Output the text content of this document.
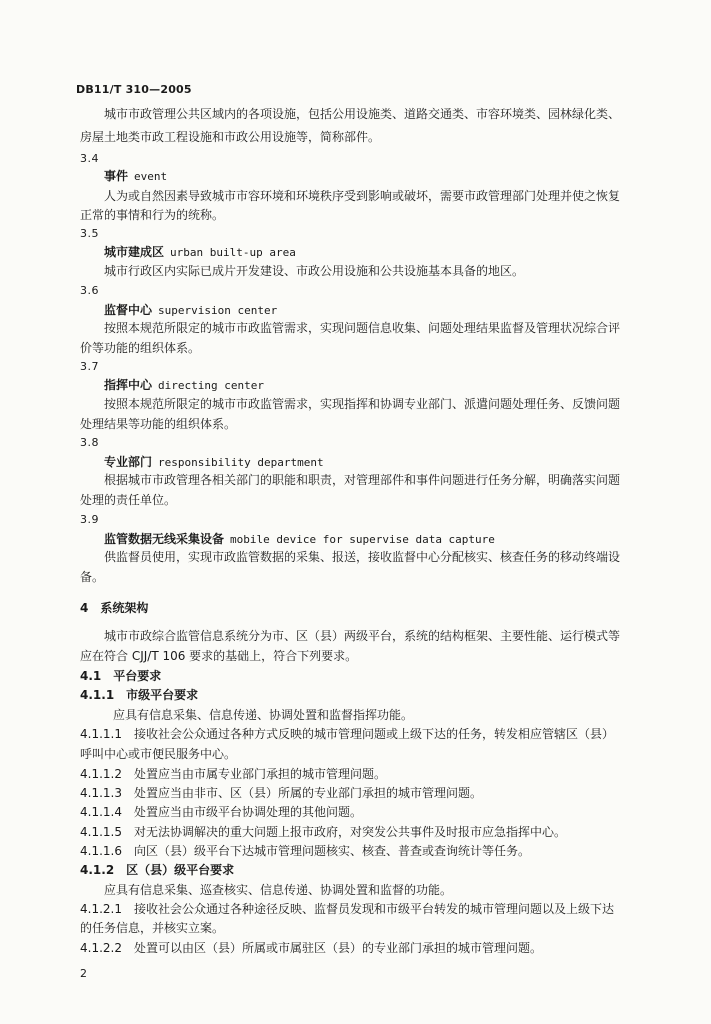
DB11/T 310—2005
城市市政管理公共区域内的各项设施，包括公用设施类、道路交通类、市容环境类、园林绿化类、
房屋土地类市政工程设施和市政公用设施等，简称部件。
3.4
事件 event
人为或自然因素导致城市市容环境和环境秩序受到影响或破坏，需要市政管理部门处理并使之恢复
正常的事情和行为的统称。
3.5
城市建成区 urban built-up area
城市行政区内实际已成片开发建设、市政公用设施和公共设施基本具备的地区。
3.6
监督中心 supervision center
按照本规范所限定的城市市政监管需求，实现问题信息收集、问题处理结果监督及管理状况综合评
价等功能的组织体系。
3.7
指挥中心 directing center
按照本规范所限定的城市市政监管需求，实现指挥和协调专业部门、派遣问题处理任务、反馈问题
处理结果等功能的组织体系。
3.8
专业部门 responsibility department
根据城市市政管理各相关部门的职能和职责，对管理部件和事件问题进行任务分解，明确落实问题
处理的责任单位。
3.9
监管数据无线采集设备 mobile device for supervise data capture
供监督员使用，实现市政监管数据的采集、报送，接收监督中心分配核实、核查任务的移动终端设
备。
4　系统架构
城市市政综合监管信息系统分为市、区（县）两级平台，系统的结构框架、主要性能、运行模式等
应在符合 CJJ/T 106 要求的基础上，符合下列要求。
4.1　平台要求
4.1.1　市级平台要求
应具有信息采集、信息传递、协调处置和监督指挥功能。
4.1.1.1　接收社会公众通过各种方式反映的城市管理问题或上级下达的任务，转发相应管辖区（县）
呼叫中心或市便民服务中心。
4.1.1.2　处置应当由市属专业部门承担的城市管理问题。
4.1.1.3　处置应当由非市、区（县）所属的专业部门承担的城市管理问题。
4.1.1.4　处置应当由市级平台协调处理的其他问题。
4.1.1.5　对无法协调解决的重大问题上报市政府，对突发公共事件及时报市应急指挥中心。
4.1.1.6　向区（县）级平台下达城市管理问题核实、核查、普查或查询统计等任务。
4.1.2　区（县）级平台要求
应具有信息采集、巡查核实、信息传递、协调处置和监督的功能。
4.1.2.1　接收社会公众通过各种途径反映、监督员发现和市级平台转发的城市管理问题以及上级下达
的任务信息，并核实立案。
4.1.2.2　处置可以由区（县）所属或市属驻区（县）的专业部门承担的城市管理问题。
2
